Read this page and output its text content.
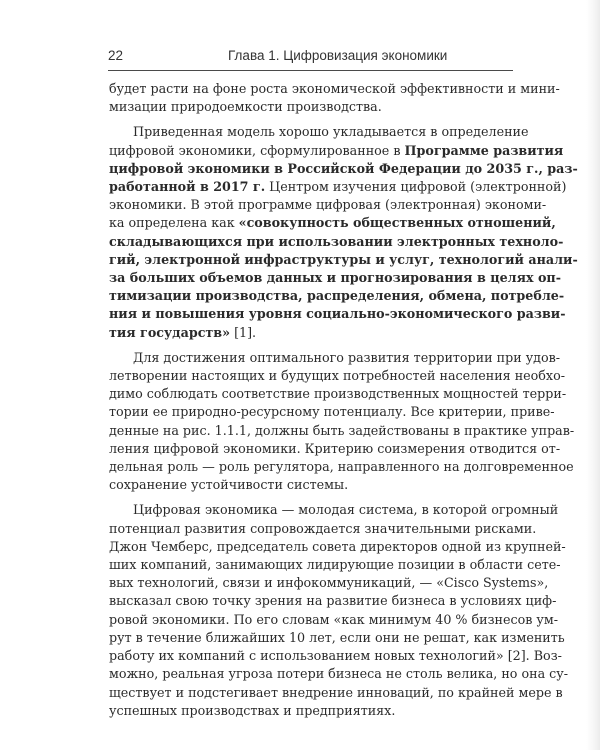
22	Глава 1. Цифровизация экономики
будет расти на фоне роста экономической эффективности и мини-
мизации природоемкости производства.
Приведенная модель хорошо укладывается в определение
цифровой экономики, сформулированное в Программе развития
цифровой экономики в Российской Федерации до 2035 г., раз-
работанной в 2017 г. Центром изучения цифровой (электронной)
экономики. В этой программе цифровая (электронная) экономи-
ка определена как «совокупность общественных отношений,
складывающихся при использовании электронных техноло-
гий, электронной инфраструктуры и услуг, технологий анали-
за больших объемов данных и прогнозирования в целях оп-
тимизации производства, распределения, обмена, потребле-
ния и повышения уровня социально-экономического разви-
тия государств» [1].
Для достижения оптимального развития территории при удов-
летворении настоящих и будущих потребностей населения необхо-
димо соблюдать соответствие производственных мощностей терри-
тории ее природно-ресурсному потенциалу. Все критерии, приве-
денные на рис. 1.1.1, должны быть задействованы в практике управ-
ления цифровой экономики. Критерию соизмерения отводится от-
дельная роль — роль регулятора, направленного на долговременное
сохранение устойчивости системы.
Цифровая экономика — молодая система, в которой огромный
потенциал развития сопровождается значительными рисками.
Джон Чемберс, председатель совета директоров одной из крупней-
ших компаний, занимающих лидирующие позиции в области сете-
вых технологий, связи и инфокоммуникаций, — «Cisco Systems»,
высказал свою точку зрения на развитие бизнеса в условиях циф-
ровой экономики. По его словам «как минимум 40 % бизнесов ум-
рут в течение ближайших 10 лет, если они не решат, как изменить
работу их компаний с использованием новых технологий» [2]. Воз-
можно, реальная угроза потери бизнеса не столь велика, но она су-
ществует и подстегивает внедрение инноваций, по крайней мере в
успешных производствах и предприятиях.
